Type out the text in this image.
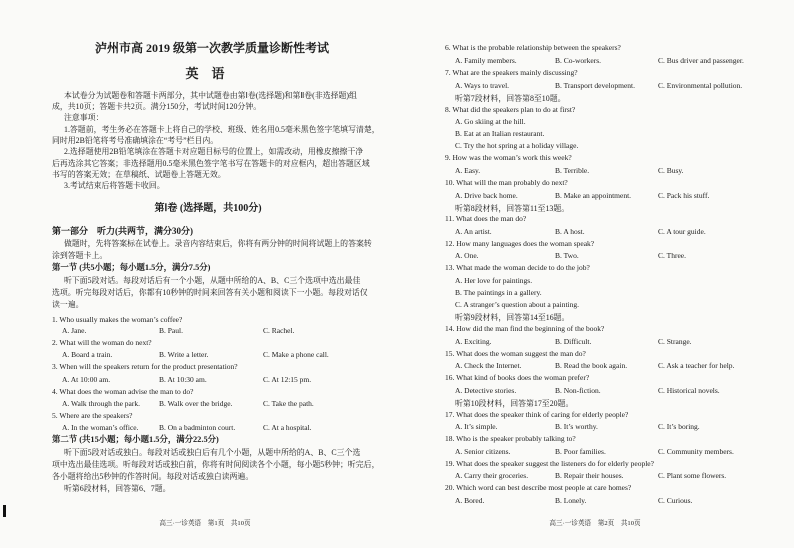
泸州市高 2019 级第一次教学质量诊断性考试
英　语
本试卷分为试题卷和答题卡两部分，其中试题卷由第Ⅰ卷(选择题)和第Ⅱ卷(非选择题)组
成，共10页；答题卡共2页。满分150分，考试时间120分钟。
注意事项：
1.答题前，考生务必在答题卡上将自己的学校、班级、姓名用0.5毫米黑色签字笔填写清楚，
同时用2B铅笔将考号准确填涂在“考号”栏目内。
2.选择题使用2B铅笔填涂在答题卡对应题目标号的位置上，如需改动，用橡皮擦擦干净
后再选涂其它答案；非选择题用0.5毫米黑色签字笔书写在答题卡的对应框内，超出答题区域
书写的答案无效；在草稿纸、试题卷上答题无效。
3.考试结束后将答题卡收回。
第Ⅰ卷 (选择题，共100分)
第一部分　听力(共两节，满分30分)
做题时，先将答案标在试卷上。录音内容结束后，你将有两分钟的时间将试题上的答案转
涂到答题卡上。
第一节 (共5小题；每小题1.5分，满分7.5分)
听下面5段对话。每段对话后有一个小题，从题中所给的A、B、C三个选项中选出最佳
选项。听完每段对话后，你都有10秒钟的时间来回答有关小题和阅读下一小题。每段对话仅
读一遍。
1. Who usually makes the woman’s coffee?
A. Jane.	B. Paul.	C. Rachel.
2. What will the woman do next?
A. Board a train.	B. Write a letter.	C. Make a phone call.
3. When will the speakers return for the product presentation?
A. At 10:00 am.	B. At 10:30 am.	C. At 12:15 pm.
4. What does the woman advise the man to do?
A. Walk through the park.	B. Walk over the bridge.	C. Take the path.
5. Where are the speakers?
A. In the woman’s office.	B. On a badminton court.	C. At a hospital.
第二节 (共15小题；每小题1.5分，满分22.5分)
听下面5段对话或独白。每段对话或独白后有几个小题，从题中所给的A、B、C三个选
项中选出最佳选项。听每段对话或独白前，你将有时间阅读各个小题，每小题5秒钟；听完后，
各小题将给出5秒钟的作答时间。每段对话或独白读两遍。
听第6段材料，回答第6、7题。
高三·一诊英语　第1页　共10页
6. What is the probable relationship between the speakers?
A. Family members.	B. Co-workers.	C. Bus driver and passenger.
7. What are the speakers mainly discussing?
A. Ways to travel.	B. Transport development.	C. Environmental pollution.
听第7段材料，回答第8至10题。
8. What did the speakers plan to do at first?
A. Go skiing at the hill.
B. Eat at an Italian restaurant.
C. Try the hot spring at a holiday village.
9. How was the woman’s work this week?
A. Easy.	B. Terrible.	C. Busy.
10. What will the man probably do next?
A. Drive back home.	B. Make an appointment.	C. Pack his stuff.
听第8段材料，回答第11至13题。
11. What does the man do?
A. An artist.	B. A host.	C. A tour guide.
12. How many languages does the woman speak?
A. One.	B. Two.	C. Three.
13. What made the woman decide to do the job?
A. Her love for paintings.
B. The paintings in a gallery.
C. A stranger’s question about a painting.
听第9段材料，回答第14至16题。
14. How did the man find the beginning of the book?
A. Exciting.	B. Difficult.	C. Strange.
15. What does the woman suggest the man do?
A. Check the Internet.	B. Read the book again.	C. Ask a teacher for help.
16. What kind of books does the woman prefer?
A. Detective stories.	B. Non-fiction.	C. Historical novels.
听第10段材料，回答第17至20题。
17. What does the speaker think of caring for elderly people?
A. It’s simple.	B. It’s worthy.	C. It’s boring.
18. Who is the speaker probably talking to?
A. Senior citizens.	B. Poor families.	C. Community members.
19. What does the speaker suggest the listeners do for elderly people?
A. Carry their groceries.	B. Repair their houses.	C. Plant some flowers.
20. Which word can best describe most people at care homes?
A. Bored.	B. Lonely.	C. Curious.
高三·一诊英语　第2页　共10页
